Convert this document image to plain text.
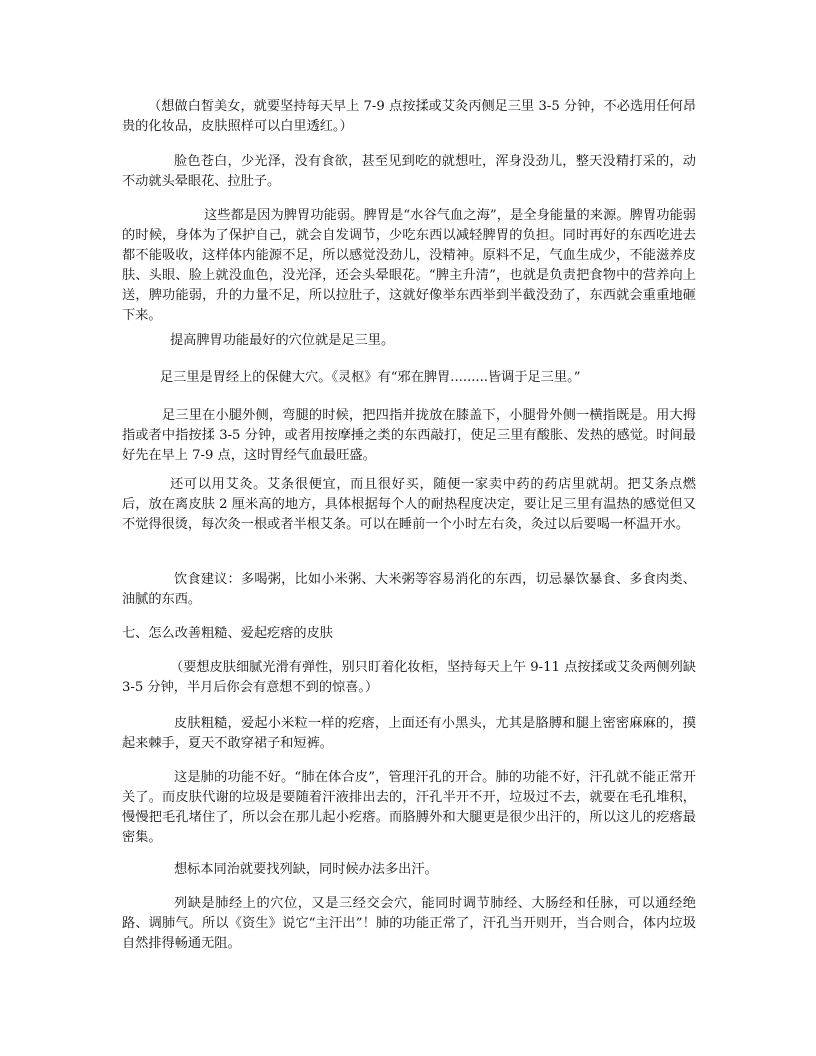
（想做白皙美女，就要坚持每天早上 7-9 点按揉或艾灸丙侧足三里 3-5 分钟，不必选用任何昂贵的化妆品，皮肤照样可以白里透红。）

脸色苍白，少光泽，没有食欲，甚至见到吃的就想吐，浑身没劲儿，整天没精打采的，动不动就头晕眼花、拉肚子。

这些都是因为脾胃功能弱。脾胃是“水谷气血之海”，是全身能量的来源。脾胃功能弱的时候，身体为了保护自己，就会自发调节，少吃东西以减轻脾胃的负担。同时再好的东西吃进去都不能吸收，这样体内能源不足，所以感觉没劲儿，没精神。原料不足，气血生成少，不能滋养皮肤、头眼、脸上就没血色，没光泽，还会头晕眼花。“脾主升清”，也就是负责把食物中的营养向上送，脾功能弱，升的力量不足，所以拉肚子，这就好像举东西举到半截没劲了，东西就会重重地砸下来。

提高脾胃功能最好的穴位就是足三里。

足三里是胃经上的保健大穴。《灵枢》有“邪在脾胃.........皆调于足三里。”

足三里在小腿外侧，弯腿的时候，把四指并拢放在膝盖下，小腿骨外侧一横指既是。用大拇指或者中指按揉 3-5 分钟，或者用按摩捶之类的东西敲打，使足三里有酸胀、发热的感觉。时间最好先在早上 7-9 点，这时胃经气血最旺盛。

还可以用艾灸。艾条很便宜，而且很好买，随便一家卖中药的药店里就胡。把艾条点燃后，放在离皮肤 2 厘米高的地方，具体根据每个人的耐热程度决定，要让足三里有温热的感觉但又不觉得很烫，每次灸一根或者半根艾条。可以在睡前一个小时左右灸，灸过以后要喝一杯温开水。

饮食建议：多喝粥，比如小米粥、大米粥等容易消化的东西，切忌暴饮暴食、多食肉类、油腻的东西。

七、怎么改善粗糙、爱起疙瘩的皮肤

（要想皮肤细腻光滑有弹性，别只盯着化妆柜，坚持每天上午 9-11 点按揉或艾灸两侧列缺 3-5 分钟，半月后你会有意想不到的惊喜。）

皮肤粗糙，爱起小米粒一样的疙瘩，上面还有小黑头，尤其是胳膊和腿上密密麻麻的，摸起来棘手，夏天不敢穿裙子和短裤。

这是肺的功能不好。“肺在体合皮”，管理汗孔的开合。肺的功能不好，汗孔就不能正常开关了。而皮肤代谢的垃圾是要随着汗液排出去的，汗孔半开不开，垃圾过不去，就要在毛孔堆积，慢慢把毛孔堵住了，所以会在那儿起小疙瘩。而胳膊外和大腿更是很少出汗的，所以这儿的疙瘩最密集。

想标本同治就要找列缺，同时候办法多出汗。

列缺是肺经上的穴位，又是三经交会穴，能同时调节肺经、大肠经和任脉，可以通经绝路、调肺气。所以《资生》说它“主汗出”！肺的功能正常了，汗孔当开则开，当合则合，体内垃圾自然排得畅通无阻。
